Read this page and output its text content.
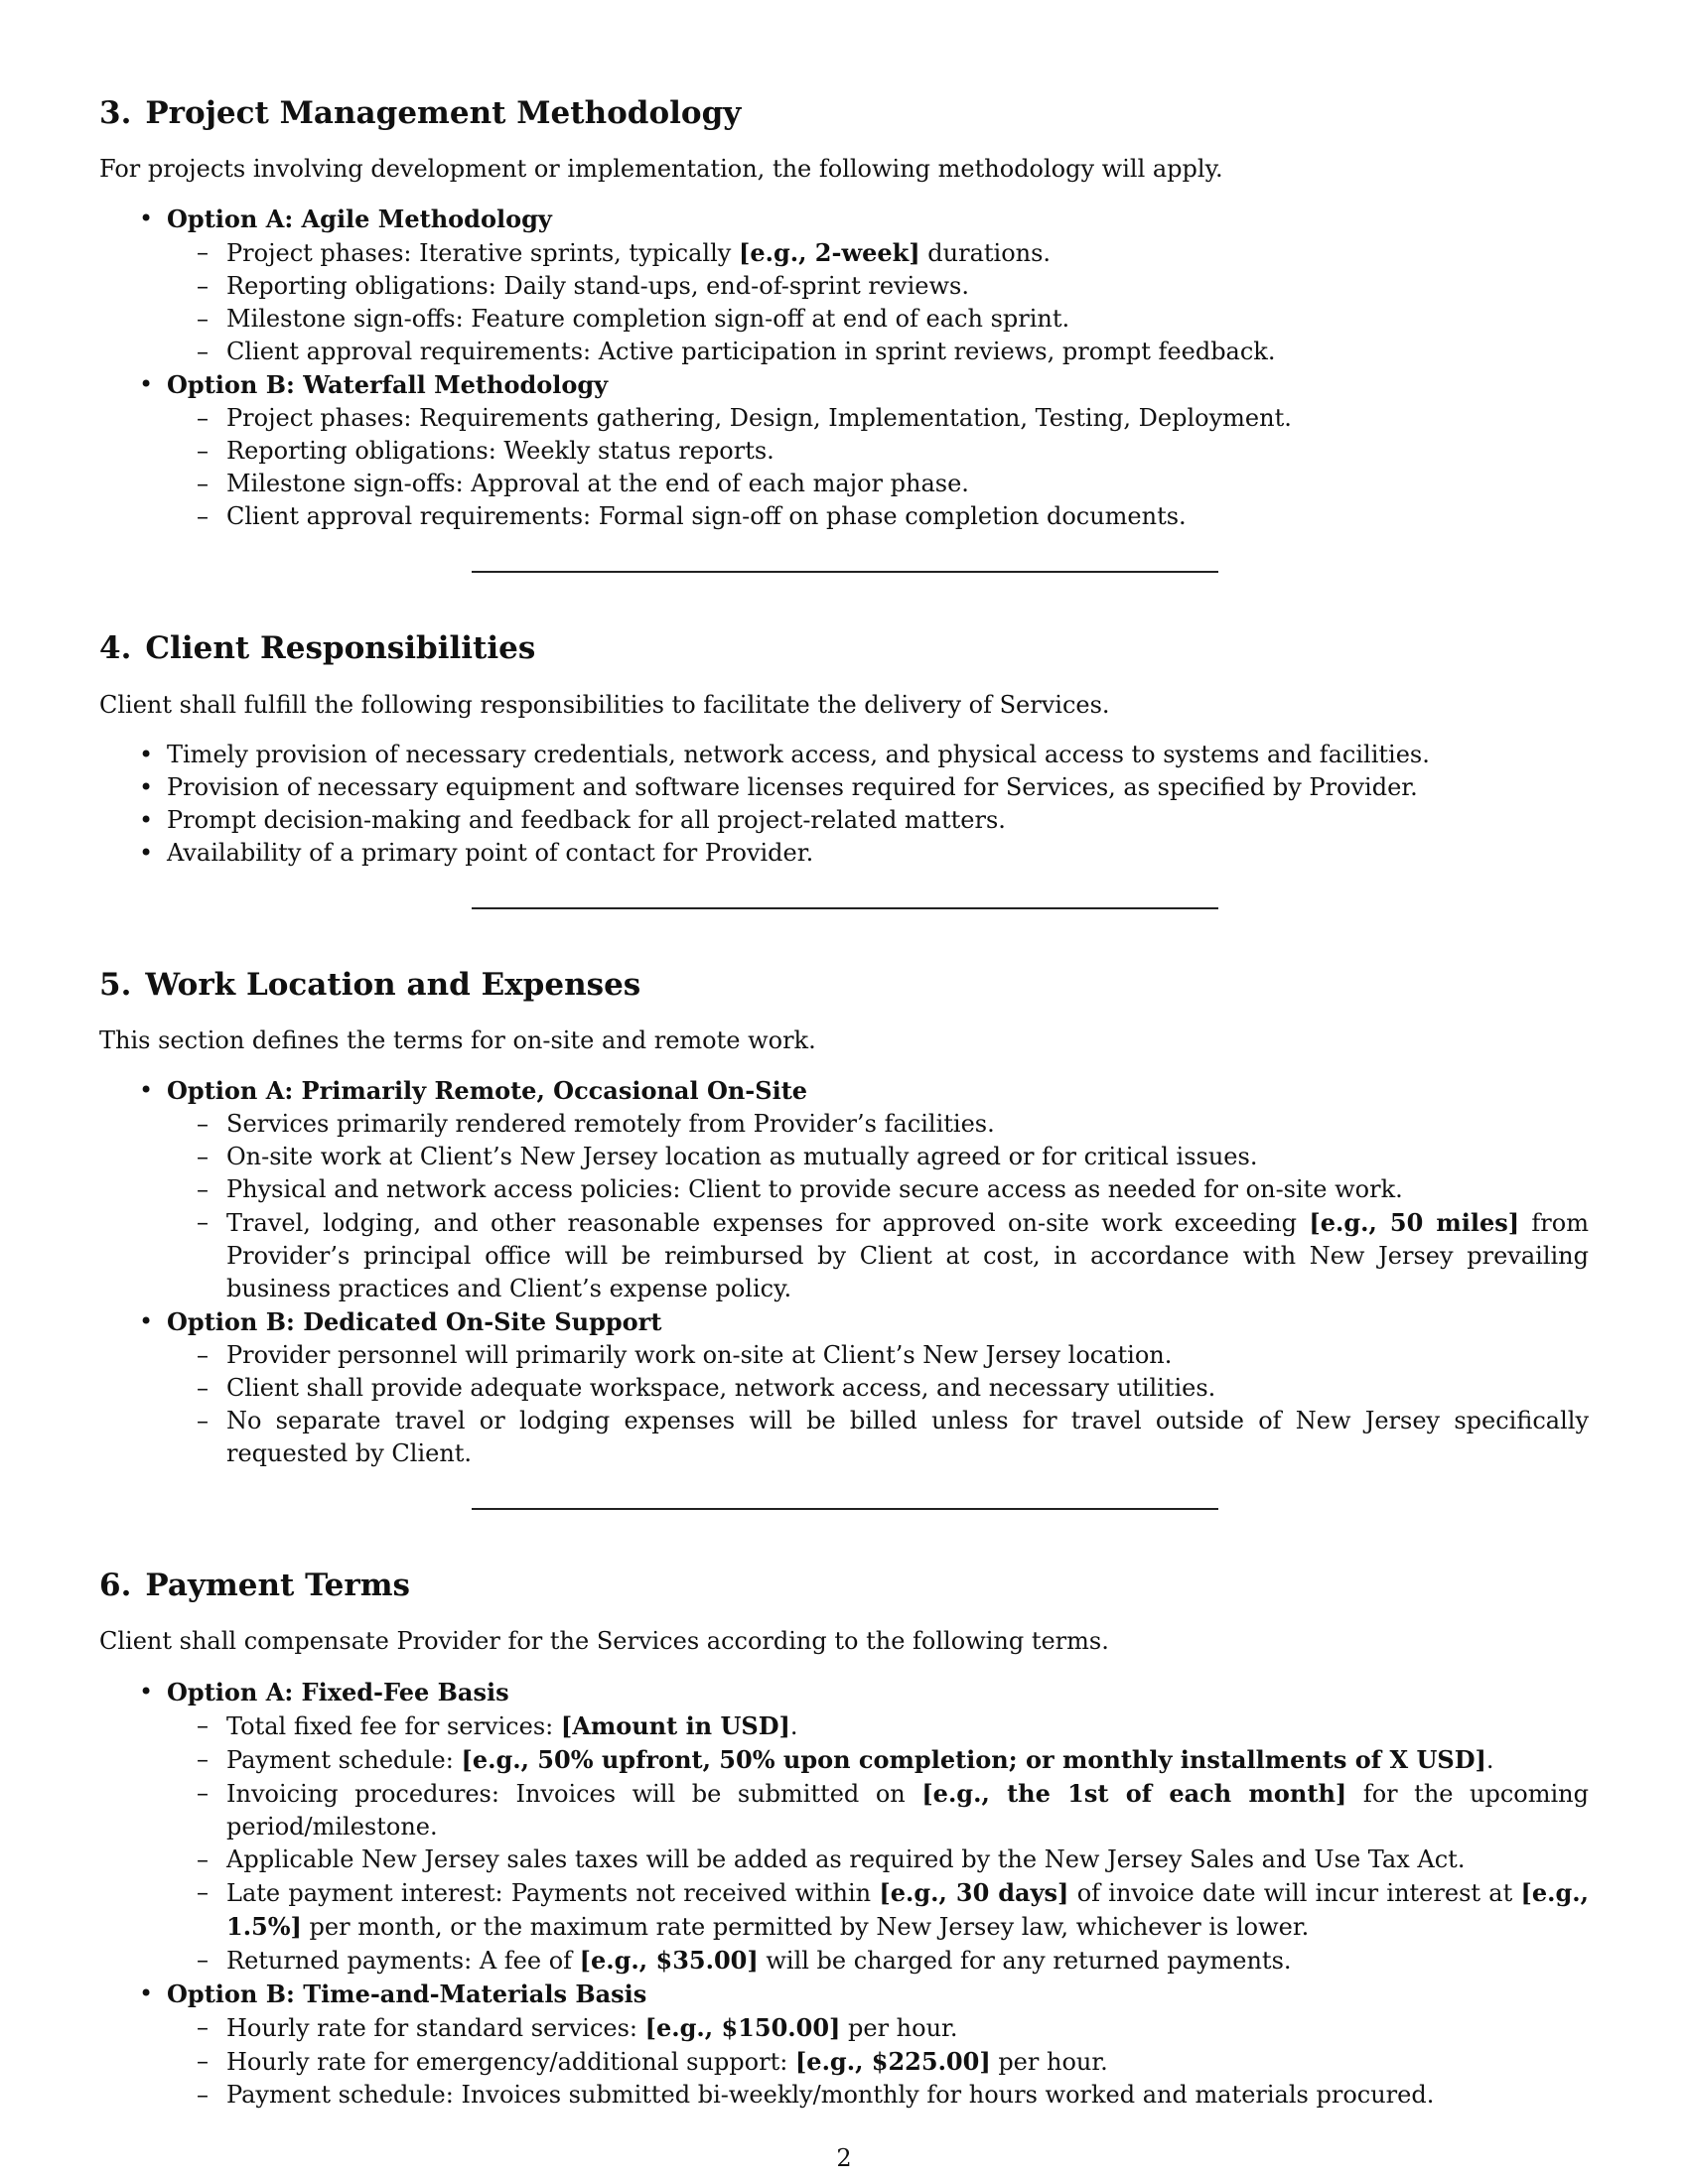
3. Project Management Methodology

For projects involving development or implementation, the following methodology will apply.

• Option A: Agile Methodology
– Project phases: Iterative sprints, typically [e.g., 2-week] durations.
– Reporting obligations: Daily stand-ups, end-of-sprint reviews.
– Milestone sign-offs: Feature completion sign-off at end of each sprint.
– Client approval requirements: Active participation in sprint reviews, prompt feedback.
• Option B: Waterfall Methodology
– Project phases: Requirements gathering, Design, Implementation, Testing, Deployment.
– Reporting obligations: Weekly status reports.
– Milestone sign-offs: Approval at the end of each major phase.
– Client approval requirements: Formal sign-off on phase completion documents.
4. Client Responsibilities

Client shall fulfill the following responsibilities to facilitate the delivery of Services.

• Timely provision of necessary credentials, network access, and physical access to systems and facilities.
• Provision of necessary equipment and software licenses required for Services, as specified by Provider.
• Prompt decision-making and feedback for all project-related matters.
• Availability of a primary point of contact for Provider.
5. Work Location and Expenses

This section defines the terms for on-site and remote work.

• Option A: Primarily Remote, Occasional On-Site
– Services primarily rendered remotely from Provider’s facilities.
– On-site work at Client’s New Jersey location as mutually agreed or for critical issues.
– Physical and network access policies: Client to provide secure access as needed for on-site work.
– Travel, lodging, and other reasonable expenses for approved on-site work exceeding [e.g., 50 miles] from Provider’s principal office will be reimbursed by Client at cost, in accordance with New Jersey prevailing business practices and Client’s expense policy.
• Option B: Dedicated On-Site Support
– Provider personnel will primarily work on-site at Client’s New Jersey location.
– Client shall provide adequate workspace, network access, and necessary utilities.
– No separate travel or lodging expenses will be billed unless for travel outside of New Jersey specifically requested by Client.
6. Payment Terms

Client shall compensate Provider for the Services according to the following terms.

• Option A: Fixed-Fee Basis
– Total fixed fee for services: [Amount in USD].
– Payment schedule: [e.g., 50% upfront, 50% upon completion; or monthly installments of X USD].
– Invoicing procedures: Invoices will be submitted on [e.g., the 1st of each month] for the upcoming period/milestone.
– Applicable New Jersey sales taxes will be added as required by the New Jersey Sales and Use Tax Act.
– Late payment interest: Payments not received within [e.g., 30 days] of invoice date will incur interest at [e.g., 1.5%] per month, or the maximum rate permitted by New Jersey law, whichever is lower.
– Returned payments: A fee of [e.g., $35.00] will be charged for any returned payments.
• Option B: Time-and-Materials Basis
– Hourly rate for standard services: [e.g., $150.00] per hour.
– Hourly rate for emergency/additional support: [e.g., $225.00] per hour.
– Payment schedule: Invoices submitted bi-weekly/monthly for hours worked and materials procured.
2
